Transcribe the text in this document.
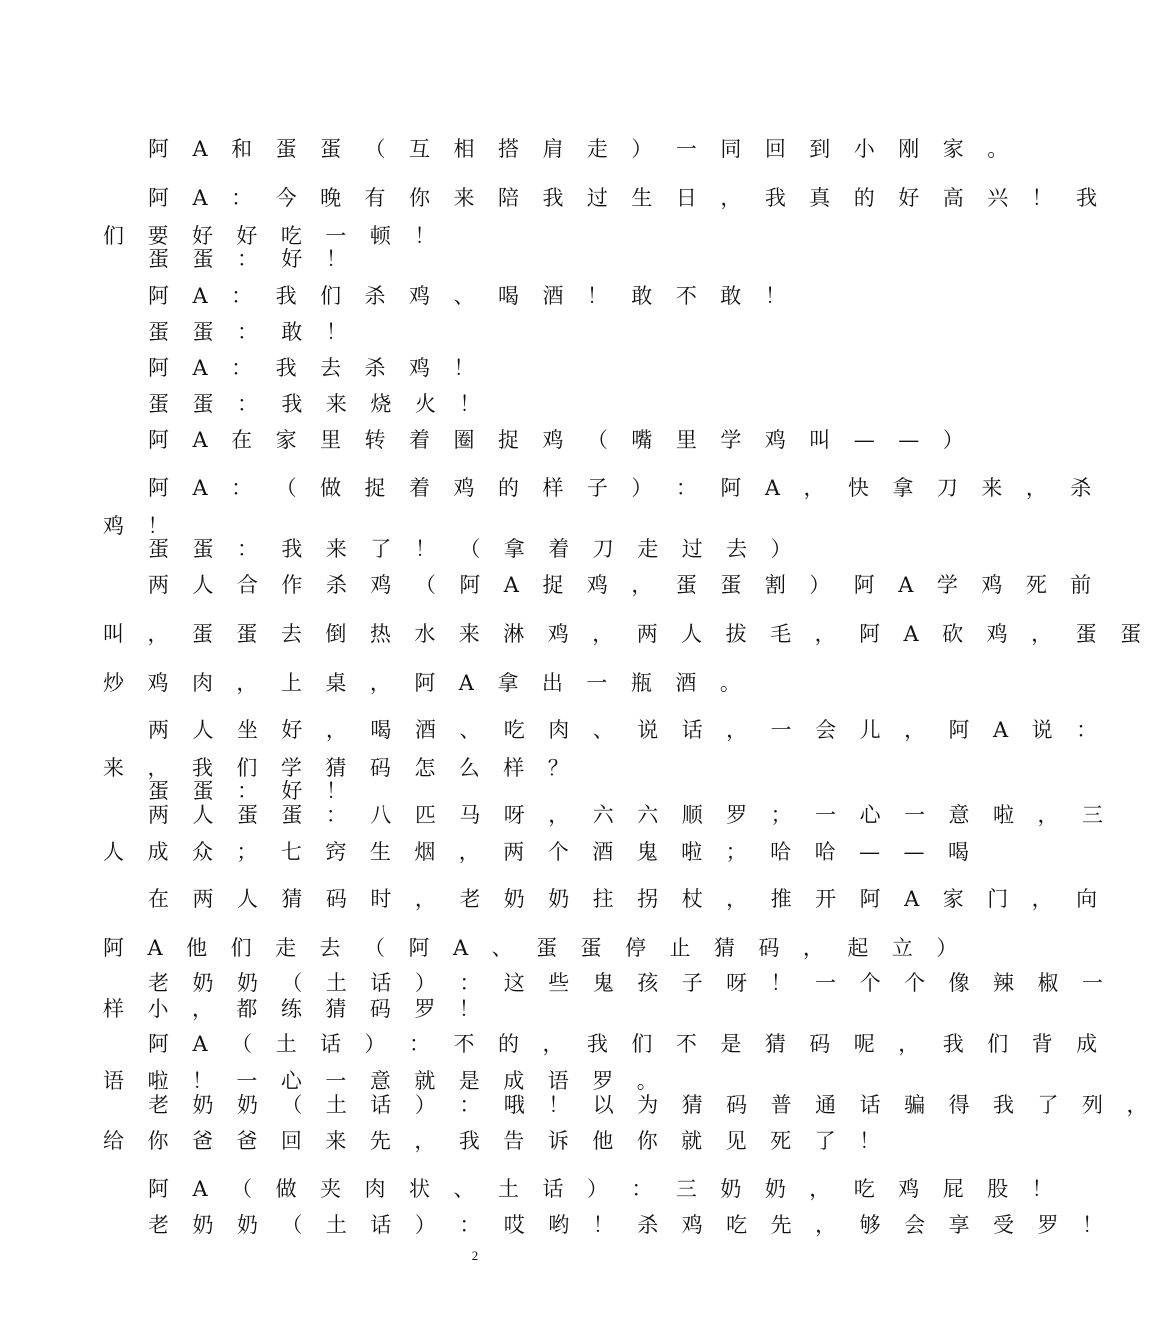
阿 A 和 蛋 蛋 （ 互 相 搭 肩 走 ） 一 同 回 到 小 刚 家 。
阿 A ： 今 晚 有 你 来 陪 我 过 生 日 ， 我 真 的 好 高 兴 ！ 我
们 要 好 好 吃 一 顿 ！
蛋 蛋 ： 好 ！
阿 A ： 我 们 杀 鸡 、 喝 酒 ！ 敢 不 敢 ！
蛋 蛋 ： 敢 ！
阿 A ： 我 去 杀 鸡 ！
蛋 蛋 ： 我 来 烧 火 ！
阿 A 在 家 里 转 着 圈 捉 鸡 （ 嘴 里 学 鸡 叫 — — ）
阿 A ： （ 做 捉 着 鸡 的 样 子 ） ： 阿 A ， 快 拿 刀 来 ， 杀
鸡 ！
蛋 蛋 ： 我 来 了 ！ （ 拿 着 刀 走 过 去 ）
两 人 合 作 杀 鸡 （ 阿 A 捉 鸡 ， 蛋 蛋 割 ） 阿 A 学 鸡 死 前
叫 ， 蛋 蛋 去 倒 热 水 来 淋 鸡 ， 两 人 拔 毛 ， 阿 A 砍 鸡 ， 蛋 蛋
炒 鸡 肉 ， 上 桌 ， 阿 A 拿 出 一 瓶 酒 。
两 人 坐 好 ， 喝 酒 、 吃 肉 、 说 话 ， 一 会 儿 ， 阿 A 说 ：
来 ， 我 们 学 猜 码 怎 么 样 ？
蛋 蛋 ： 好 ！
两 人 蛋 蛋 ： 八 匹 马 呀 ， 六 六 顺 罗 ； 一 心 一 意 啦 ， 三
人 成 众 ； 七 窍 生 烟 ， 两 个 酒 鬼 啦 ； 哈 哈 — — 喝
在 两 人 猜 码 时 ， 老 奶 奶 拄 拐 杖 ， 推 开 阿 A 家 门 ， 向
阿 A 他 们 走 去 （ 阿 A 、 蛋 蛋 停 止 猜 码 ， 起 立 ）
老 奶 奶 （ 土 话 ） ： 这 些 鬼 孩 子 呀 ！ 一 个 个 像 辣 椒 一
样 小 ， 都 练 猜 码 罗 ！
阿 A （ 土 话 ） ： 不 的 ， 我 们 不 是 猜 码 呢 ， 我 们 背 成
语 啦 ！ 一 心 一 意 就 是 成 语 罗 。
老 奶 奶 （ 土 话 ） ： 哦 ！ 以 为 猜 码 普 通 话 骗 得 我 了 列 ，
给 你 爸 爸 回 来 先 ， 我 告 诉 他 你 就 见 死 了 ！
阿 A （ 做 夹 肉 状 、 土 话 ） ： 三 奶 奶 ， 吃 鸡 屁 股 ！
老 奶 奶 （ 土 话 ） ： 哎 哟 ！ 杀 鸡 吃 先 ， 够 会 享 受 罗 ！
2
